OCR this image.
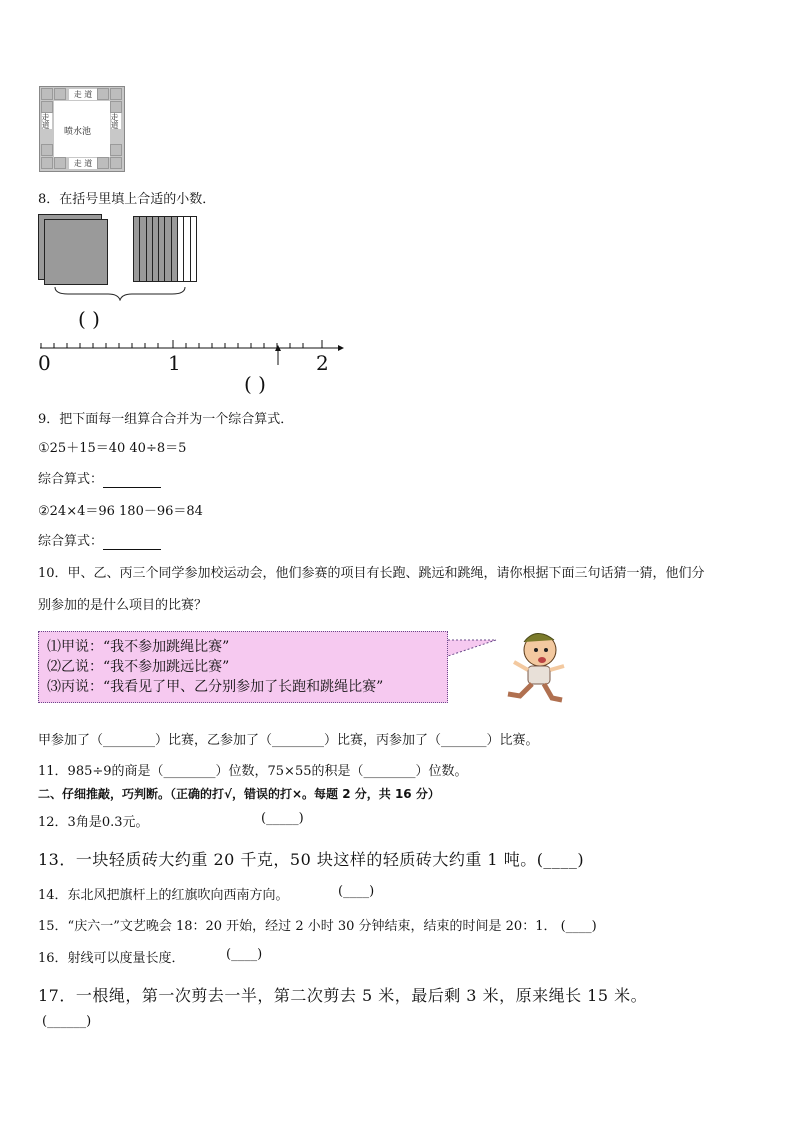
走 道
走 道
走道	走道
喷水池
8．在括号里填上合适的小数．
( )
0	1	2
( )
9．把下面每一组算合合并为一个综合算式．
①25＋15＝40 40÷8＝5
综合算式：
②24×4＝96 180－96＝84
综合算式：
10．甲、乙、丙三个同学参加校运动会，他们参赛的项目有长跑、跳远和跳绳，请你根据下面三句话猜一猜，他们分
别参加的是什么项目的比赛？
⑴甲说：“我不参加跳绳比赛”
⑵乙说：“我不参加跳远比赛”
⑶丙说：“我看见了甲、乙分别参加了长跑和跳绳比赛”
甲参加了（________）比赛，乙参加了（________）比赛，丙参加了（_______）比赛。
11．985÷9的商是（________）位数，75×55的积是（________）位数。
二、仔细推敲，巧判断。（正确的打√，错误的打×。每题 2 分，共 16 分）
12．3角是0.3元。	(_____)
13．一块轻质砖大约重 20 千克，50 块这样的轻质砖大约重 1 吨。(____)
14．东北风把旗杆上的红旗吹向西南方向。	(____)
15．“庆六一”文艺晚会 18：20 开始，经过 2 小时 30 分钟结束，结束的时间是 20：1． (____)
16．射线可以度量长度．	(____)
17．一根绳，第一次剪去一半，第二次剪去 5 米，最后剩 3 米，原来绳长 15 米。
(______)
